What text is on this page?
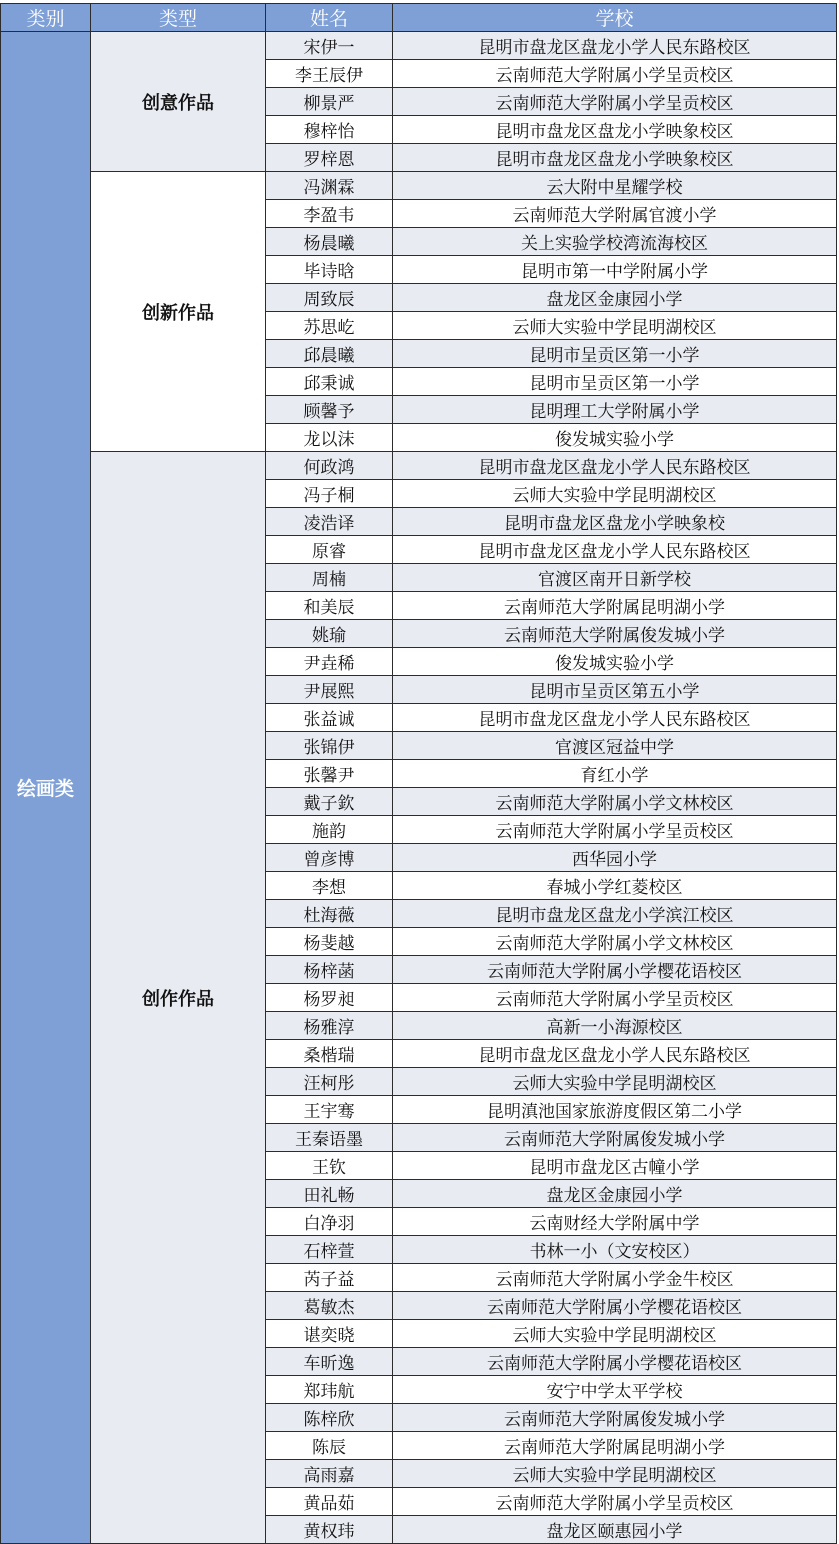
类别	类型	姓名	学校
绘画类	创意作品	宋伊一	昆明市盘龙区盘龙小学人民东路校区
		李王辰伊	云南师范大学附属小学呈贡校区
		柳景严	云南师范大学附属小学呈贡校区
		穆梓怡	昆明市盘龙区盘龙小学映象校区
		罗梓恩	昆明市盘龙区盘龙小学映象校区
	创新作品	冯渊霖	云大附中星耀学校
		李盈韦	云南师范大学附属官渡小学
		杨晨曦	关上实验学校湾流海校区
		毕诗晗	昆明市第一中学附属小学
		周致辰	盘龙区金康园小学
		苏思屹	云师大实验中学昆明湖校区
		邱晨曦	昆明市呈贡区第一小学
		邱秉诚	昆明市呈贡区第一小学
		顾馨予	昆明理工大学附属小学
		龙以沫	俊发城实验小学
	创作作品	何政鸿	昆明市盘龙区盘龙小学人民东路校区
		冯子桐	云师大实验中学昆明湖校区
		凌浩译	昆明市盘龙区盘龙小学映象校
		原睿	昆明市盘龙区盘龙小学人民东路校区
		周楠	官渡区南开日新学校
		和美辰	云南师范大学附属昆明湖小学
		姚瑜	云南师范大学附属俊发城小学
		尹垚稀	俊发城实验小学
		尹展熙	昆明市呈贡区第五小学
		张益诚	昆明市盘龙区盘龙小学人民东路校区
		张锦伊	官渡区冠益中学
		张馨尹	育红小学
		戴子欽	云南师范大学附属小学文林校区
		施韵	云南师范大学附属小学呈贡校区
		曾彦博	西华园小学
		李想	春城小学红菱校区
		杜海薇	昆明市盘龙区盘龙小学滨江校区
		杨斐越	云南师范大学附属小学文林校区
		杨梓菡	云南师范大学附属小学樱花语校区
		杨罗昶	云南师范大学附属小学呈贡校区
		杨雅淳	高新一小海源校区
		桑楷瑞	昆明市盘龙区盘龙小学人民东路校区
		汪柯彤	云师大实验中学昆明湖校区
		王宇骞	昆明滇池国家旅游度假区第二小学
		王秦语墨	云南师范大学附属俊发城小学
		王钦	昆明市盘龙区古幢小学
		田礼畅	盘龙区金康园小学
		白净羽	云南财经大学附属中学
		石梓萱	书林一小（文安校区）
		芮子益	云南师范大学附属小学金牛校区
		葛敏杰	云南师范大学附属小学樱花语校区
		谌奕晓	云师大实验中学昆明湖校区
		车昕逸	云南师范大学附属小学樱花语校区
		郑玮航	安宁中学太平学校
		陈梓欣	云南师范大学附属俊发城小学
		陈辰	云南师范大学附属昆明湖小学
		高雨嘉	云师大实验中学昆明湖校区
		黄品茹	云南师范大学附属小学呈贡校区
		黄权玮	盘龙区颐惠园小学
